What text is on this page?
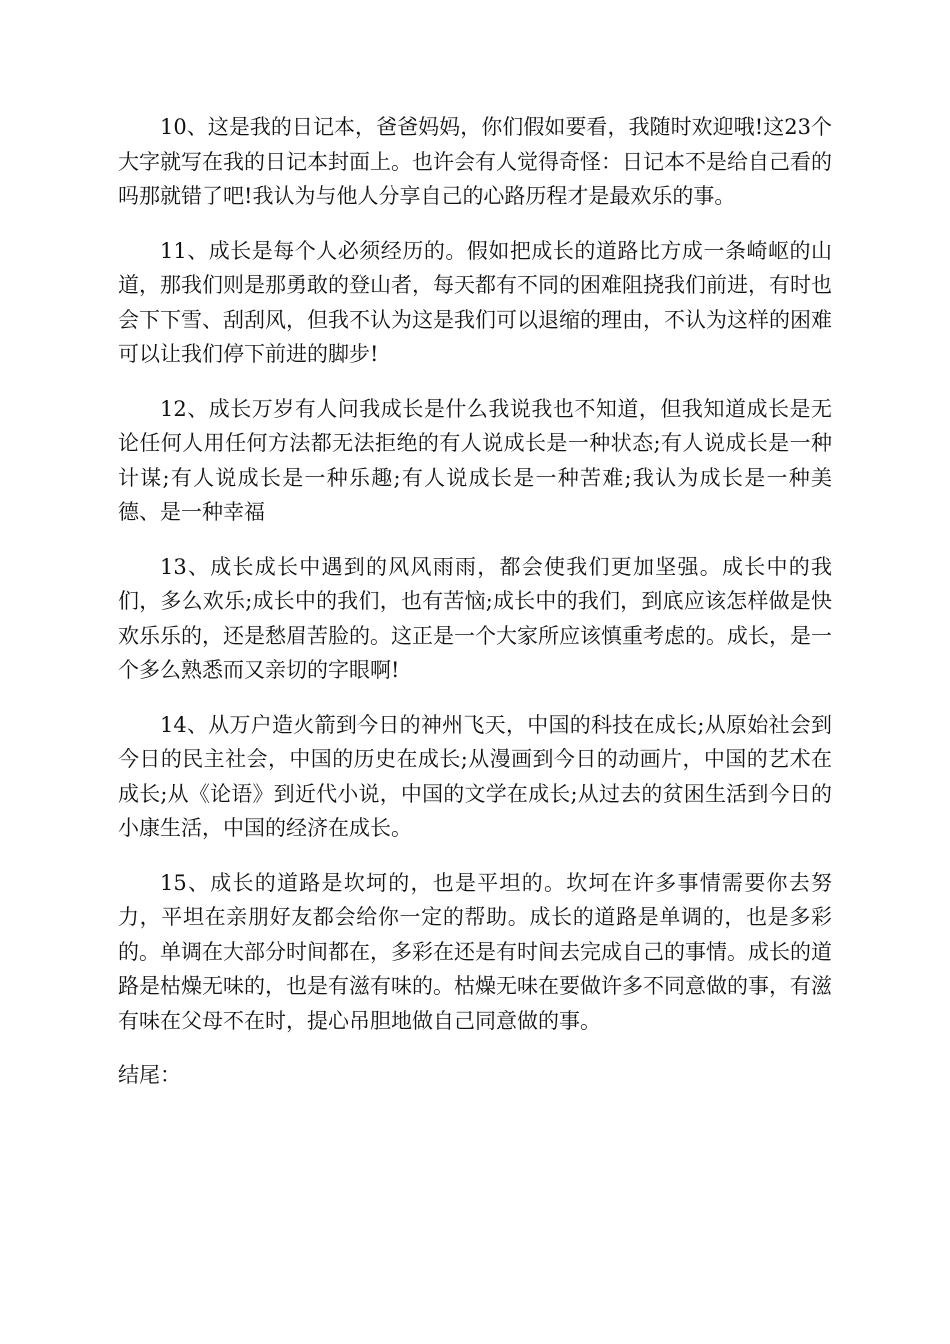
10、这是我的日记本，爸爸妈妈，你们假如要看，我随时欢迎哦!这23个大字就写在我的日记本封面上。也许会有人觉得奇怪：日记本不是给自己看的吗那就错了吧!我认为与他人分享自己的心路历程才是最欢乐的事。

11、成长是每个人必须经历的。假如把成长的道路比方成一条崎岖的山道，那我们则是那勇敢的登山者，每天都有不同的困难阻挠我们前进，有时也会下下雪、刮刮风，但我不认为这是我们可以退缩的理由，不认为这样的困难可以让我们停下前进的脚步!

12、成长万岁有人问我成长是什么我说我也不知道，但我知道成长是无论任何人用任何方法都无法拒绝的有人说成长是一种状态;有人说成长是一种计谋;有人说成长是一种乐趣;有人说成长是一种苦难;我认为成长是一种美德、是一种幸福

13、成长成长中遇到的风风雨雨，都会使我们更加坚强。成长中的我们，多么欢乐;成长中的我们，也有苦恼;成长中的我们，到底应该怎样做是快欢乐乐的，还是愁眉苦脸的。这正是一个大家所应该慎重考虑的。成长，是一个多么熟悉而又亲切的字眼啊!

14、从万户造火箭到今日的神州飞天，中国的科技在成长;从原始社会到今日的民主社会，中国的历史在成长;从漫画到今日的动画片，中国的艺术在成长;从《论语》到近代小说，中国的文学在成长;从过去的贫困生活到今日的小康生活，中国的经济在成长。

15、成长的道路是坎坷的，也是平坦的。坎坷在许多事情需要你去努力，平坦在亲朋好友都会给你一定的帮助。成长的道路是单调的，也是多彩的。单调在大部分时间都在，多彩在还是有时间去完成自己的事情。成长的道路是枯燥无味的，也是有滋有味的。枯燥无味在要做许多不同意做的事，有滋有味在父母不在时，提心吊胆地做自己同意做的事。

结尾：
